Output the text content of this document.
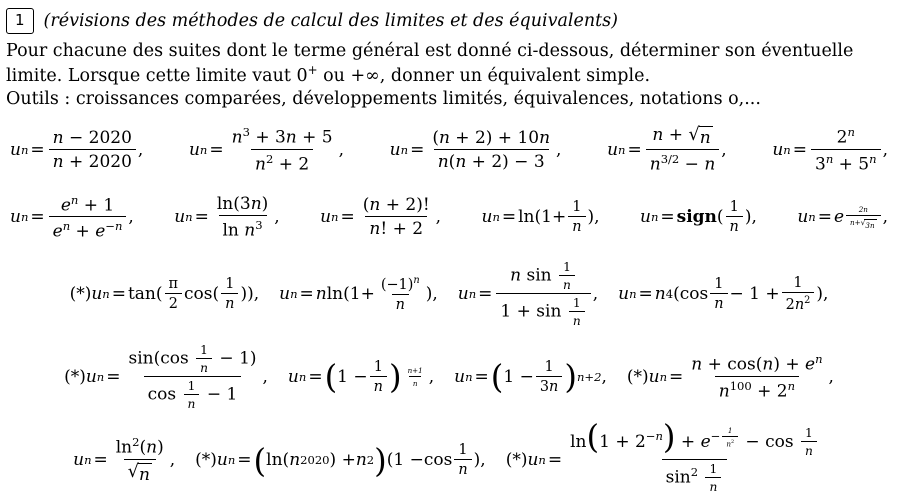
1	(révisions des méthodes de calcul des limites et des équivalents)

Pour chacune des suites dont le terme général est donné ci-dessous, déterminer son éventuelle

limite. Lorsque cette limite vaut 0+ ou +∞, donner un équivalent simple.

Outils : croissances comparées, développements limités, équivalences, notations o,...

u $n = \frac{n - 2020}{n + 2020}$ ,	u $n = \frac{n^3 + 3n + 5}{n^2 + 2}$ ,	u $n = \frac{(n + 2) + 10n}{n(n + 2) - 3}$ ,	u $n = \frac{n + √ n}{n^{3/2} - n}$ ,	u $n = \frac{2^n}{3^n + 5^n}$ ,
u $n = \frac{e^n + 1}{e^n + e^{-n}}$ , u $n = \frac{\ln(3n)}{\ln n^3}$ , u $n = \frac{(n + 2)!}{n! + 2}$ , u $n = \ln (1+ \frac{1}{n}$ ) , u n = sign ( $\frac{1}{n}$ ) , u n = e $\frac{2n}{n+ √ 3n}$ ,
(*) u n = tan ( $\frac{\pi}{2}$ cos ( $\frac{1}{n}$ )) , u n = n ln ( $1+ \frac{(-1)^n}{n}$ ) , u $n = \frac{n \sin \frac{1}{n}}{1 + \sin \frac{1}{n}}$ , u n = n 4 ( $\cos \frac{1}{n} - 1 + \frac{1}{2n^2}$ ) ,
(*) u $n = \frac{\sin(\cos \frac{1}{n} - 1)}{\cos \frac{1}{n} - 1}$ , u n = ( $1 - \frac{1}{n}$ ) $\frac{n+1}{n}$ , u n = ( $1 - \frac{1}{3n}$ ) n+2 , (*) u $n = \frac{n + \cos(n) + e^n}{n^{100} + 2^n}$ ,
u $n = \frac{\ln^2(n)}{√ n}$ , (*) u n = ( ln ( n 2020 ) + n 2 ) ($1 - \cos \frac{1}{n}$ ) , (*) u $n = \ln(1 + 2^{-n}) + e^{- \frac{1}{n^2}} - \cos \frac{1}{n}$
$\sin^2 \frac{1}{n}$
